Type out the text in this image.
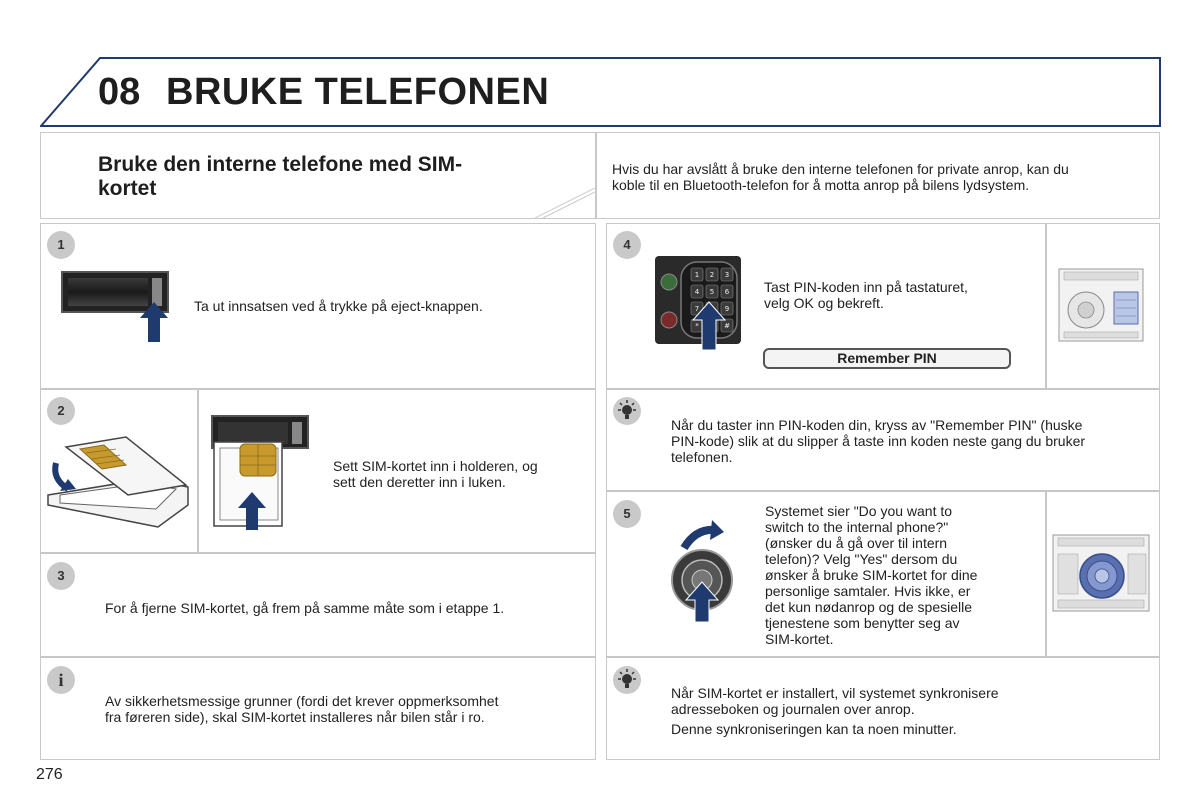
08 BRUKE TELEFONEN
Bruke den interne telefone med SIM-
kortet
Hvis du har avslått å bruke den interne telefonen for private anrop, kan du
koble til en Bluetooth-telefon for å motta anrop på bilens lydsystem.
1
Ta ut innsatsen ved å trykke på eject-knappen.
2
Sett SIM-kortet inn i holderen, og
sett den deretter inn i luken.
3
For å fjerne SIM-kortet, gå frem på samme måte som i etappe 1.
i
Av sikkerhetsmessige grunner (fordi det krever oppmerksomhet
fra føreren side), skal SIM-kortet installeres når bilen står i ro.
4
1 2 3
4 5 6
7	9
*	#
Tast PIN-koden inn på tastaturet,
velg OK og bekreft.
Remember PIN
Når du taster inn PIN-koden din, kryss av "Remember PIN" (huske
PIN-kode) slik at du slipper å taste inn koden neste gang du bruker
telefonen.
5	Systemet sier "Do you want to
switch to the internal phone?"
(ønsker du å gå over til intern
telefon)? Velg "Yes" dersom du
ønsker å bruke SIM-kortet for dine
personlige samtaler. Hvis ikke, er
det kun nødanrop og de spesielle
tjenestene som benytter seg av
SIM-kortet.
Når SIM-kortet er installert, vil systemet synkronisere
adresseboken og journalen over anrop.
Denne synkroniseringen kan ta noen minutter.
276
